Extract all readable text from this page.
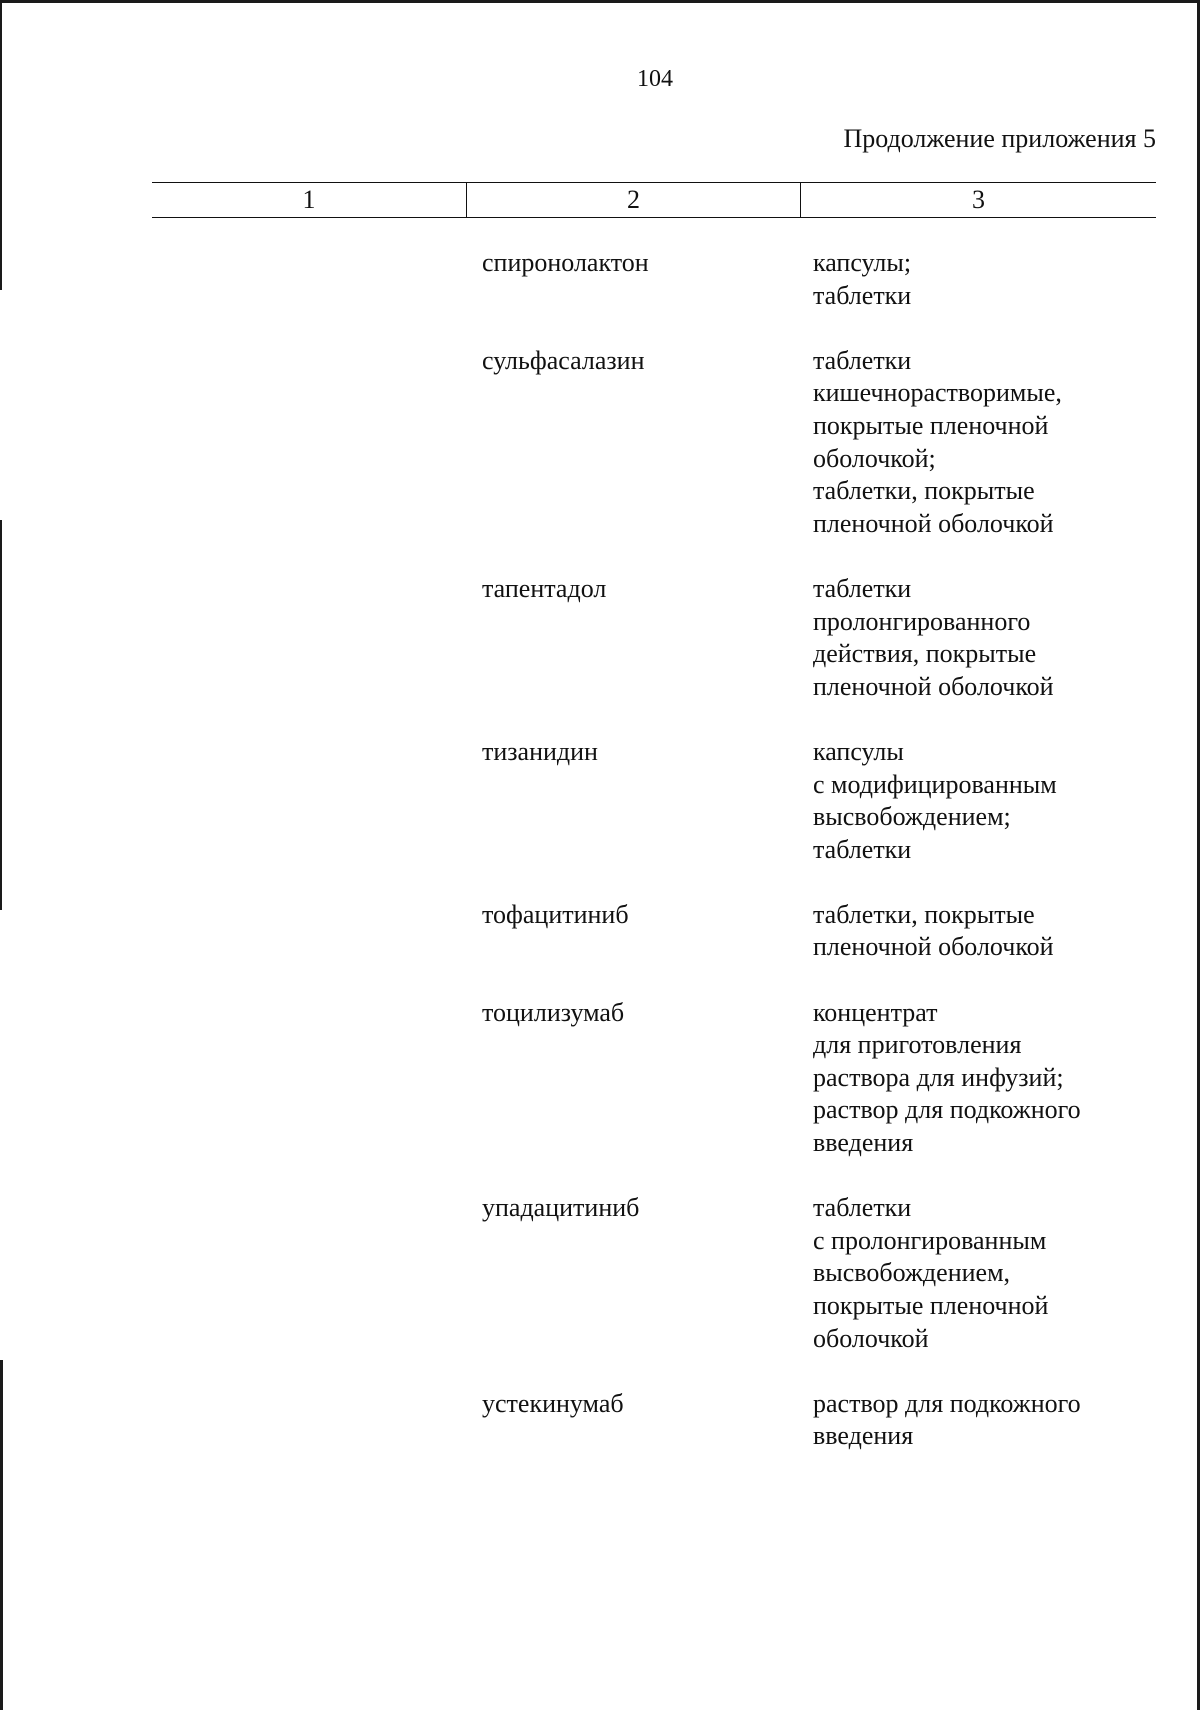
104
Продолжение приложения 5
1	2	3
спиронолактон	капсулы;
таблетки
сульфасалазин	таблетки
кишечнорастворимые,
покрытые пленочной
оболочкой;
таблетки, покрытые
пленочной оболочкой
тапентадол	таблетки
пролонгированного
действия, покрытые
пленочной оболочкой
тизанидин	капсулы
с модифицированным
высвобождением;
таблетки
тофацитиниб	таблетки, покрытые
пленочной оболочкой
тоцилизумаб	концентрат
для приготовления
раствора для инфузий;
раствор для подкожного
введения
упадацитиниб	таблетки
с пролонгированным
высвобождением,
покрытые пленочной
оболочкой
устекинумаб	раствор для подкожного
введения
